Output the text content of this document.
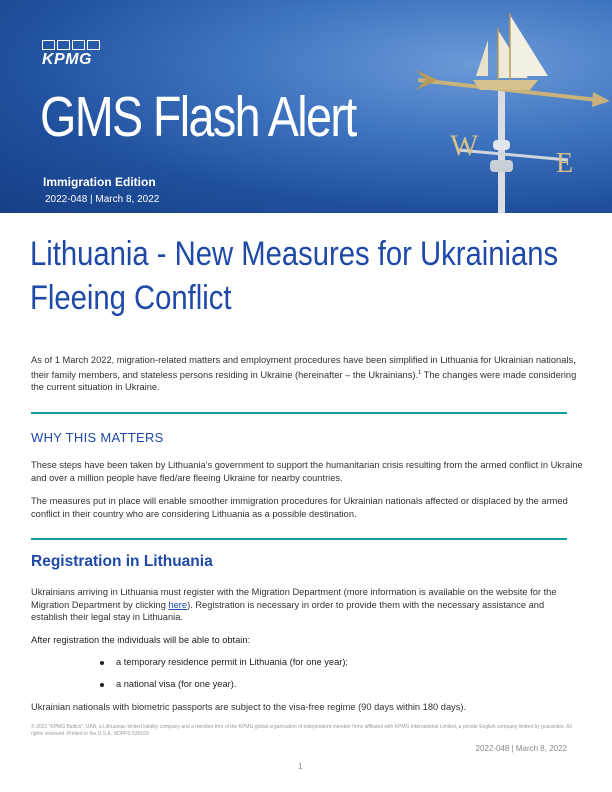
KPMG
GMS Flash Alert
Immigration Edition
2022-048 | March 8, 2022
W
E
Lithuania - New Measures for Ukrainians
Fleeing Conflict
As of 1 March 2022, migration-related matters and employment procedures have been simplified in Lithuania for Ukrainian nationals, their family members, and stateless persons residing in Ukraine (hereinafter – the Ukrainians).$^1$ The changes were made considering the current situation in Ukraine.
WHY THIS MATTERS
These steps have been taken by Lithuania's government to support the humanitarian crisis resulting from the armed conflict in Ukraine and over a million people have fled/are fleeing Ukraine for nearby countries.
The measures put in place will enable smoother immigration procedures for Ukrainian nationals affected or displaced by the armed conflict in their country who are considering Lithuania as a possible destination.
Registration in Lithuania
Ukrainians arriving in Lithuania must register with the Migration Department (more information is available on the website for the Migration Department by clicking here). Registration is necessary in order to provide them with the necessary assistance and establish their legal stay in Lithuania.
After registration the individuals will be able to obtain:
a temporary residence permit in Lithuania (for one year);
a national visa (for one year).
Ukrainian nationals with biometric passports are subject to the visa-free regime (90 days within 180 days).
© 2022 "KPMG Baltics", UAB, a Lithuanian limited liability company and a member firm of the KPMG global organisation of independent member firms affiliated with KPMG International Limited, a private English company limited by guarantee. All rights reserved. Printed in the U.S.A. NDPPS 530159
2022-048 | March 8, 2022
1
